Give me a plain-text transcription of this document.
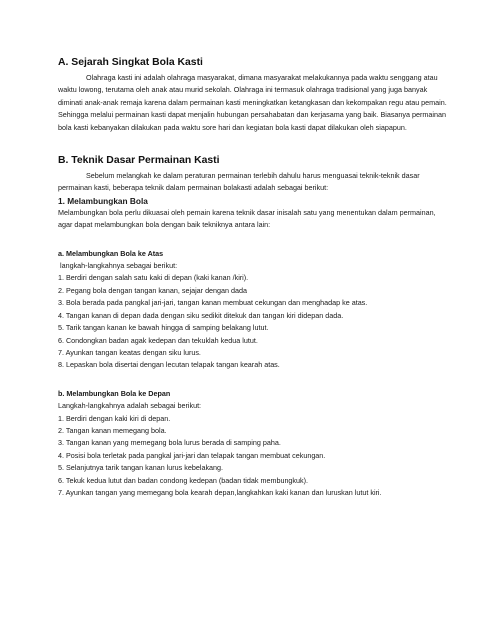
A. Sejarah Singkat Bola Kasti

Olahraga kasti ini adalah olahraga masyarakat, dimana masyarakat melakukannya pada waktu senggang atau waktu lowong, terutama oleh anak atau murid sekolah. Olahraga ini termasuk olahraga tradisional yang juga banyak diminati anak-anak remaja karena dalam permainan kasti meningkatkan ketangkasan dan kekompakan regu atau pemain. Sehingga melalui permainan kasti dapat menjalin hubungan persahabatan dan kerjasama yang baik. Biasanya permainan bola kasti kebanyakan dilakukan pada waktu sore hari dan kegiatan bola kasti dapat dilakukan oleh siapapun.

B. Teknik Dasar Permainan Kasti

Sebelum melangkah ke dalam peraturan permainan terlebih dahulu harus menguasai teknik-teknik dasar permainan kasti, beberapa teknik dalam permainan bolakasti adalah sebagai berikut:

1. Melambungkan Bola

Melambungkan bola perlu dikuasai oleh pemain karena teknik dasar inisalah satu yang menentukan dalam permainan, agar dapat melambungkan bola dengan baik tekniknya antara lain:

a. Melambungkan Bola ke Atas

langkah-langkahnya sebagai berikut:

1. Berdiri dengan salah satu kaki di depan (kaki kanan /kiri).
2. Pegang bola dengan tangan kanan, sejajar dengan dada
3. Bola berada pada pangkal jari-jari, tangan kanan membuat cekungan dan menghadap ke atas.
4. Tangan kanan di depan dada dengan siku sedikit ditekuk dan tangan kiri didepan dada.
5. Tarik tangan kanan ke bawah hingga di samping belakang lutut.
6. Condongkan badan agak kedepan dan tekuklah kedua lutut.
7. Ayunkan tangan keatas dengan siku lurus.
8. Lepaskan bola disertai dengan lecutan telapak tangan kearah atas.

b. Melambungkan Bola ke Depan

Langkah-langkahnya adalah sebagai berikut:

1. Berdiri dengan kaki kiri di depan.
2. Tangan kanan memegang bola.
3. Tangan kanan yang memegang bola lurus berada di samping paha.
4. Posisi bola terletak pada pangkal jari-jari dan telapak tangan membuat cekungan.
5. Selanjutnya tarik tangan kanan lurus kebelakang.
6. Tekuk kedua lutut dan badan condong kedepan (badan tidak membungkuk).
7. Ayunkan tangan yang memegang bola kearah depan,langkahkan kaki kanan dan luruskan lutut kiri.
